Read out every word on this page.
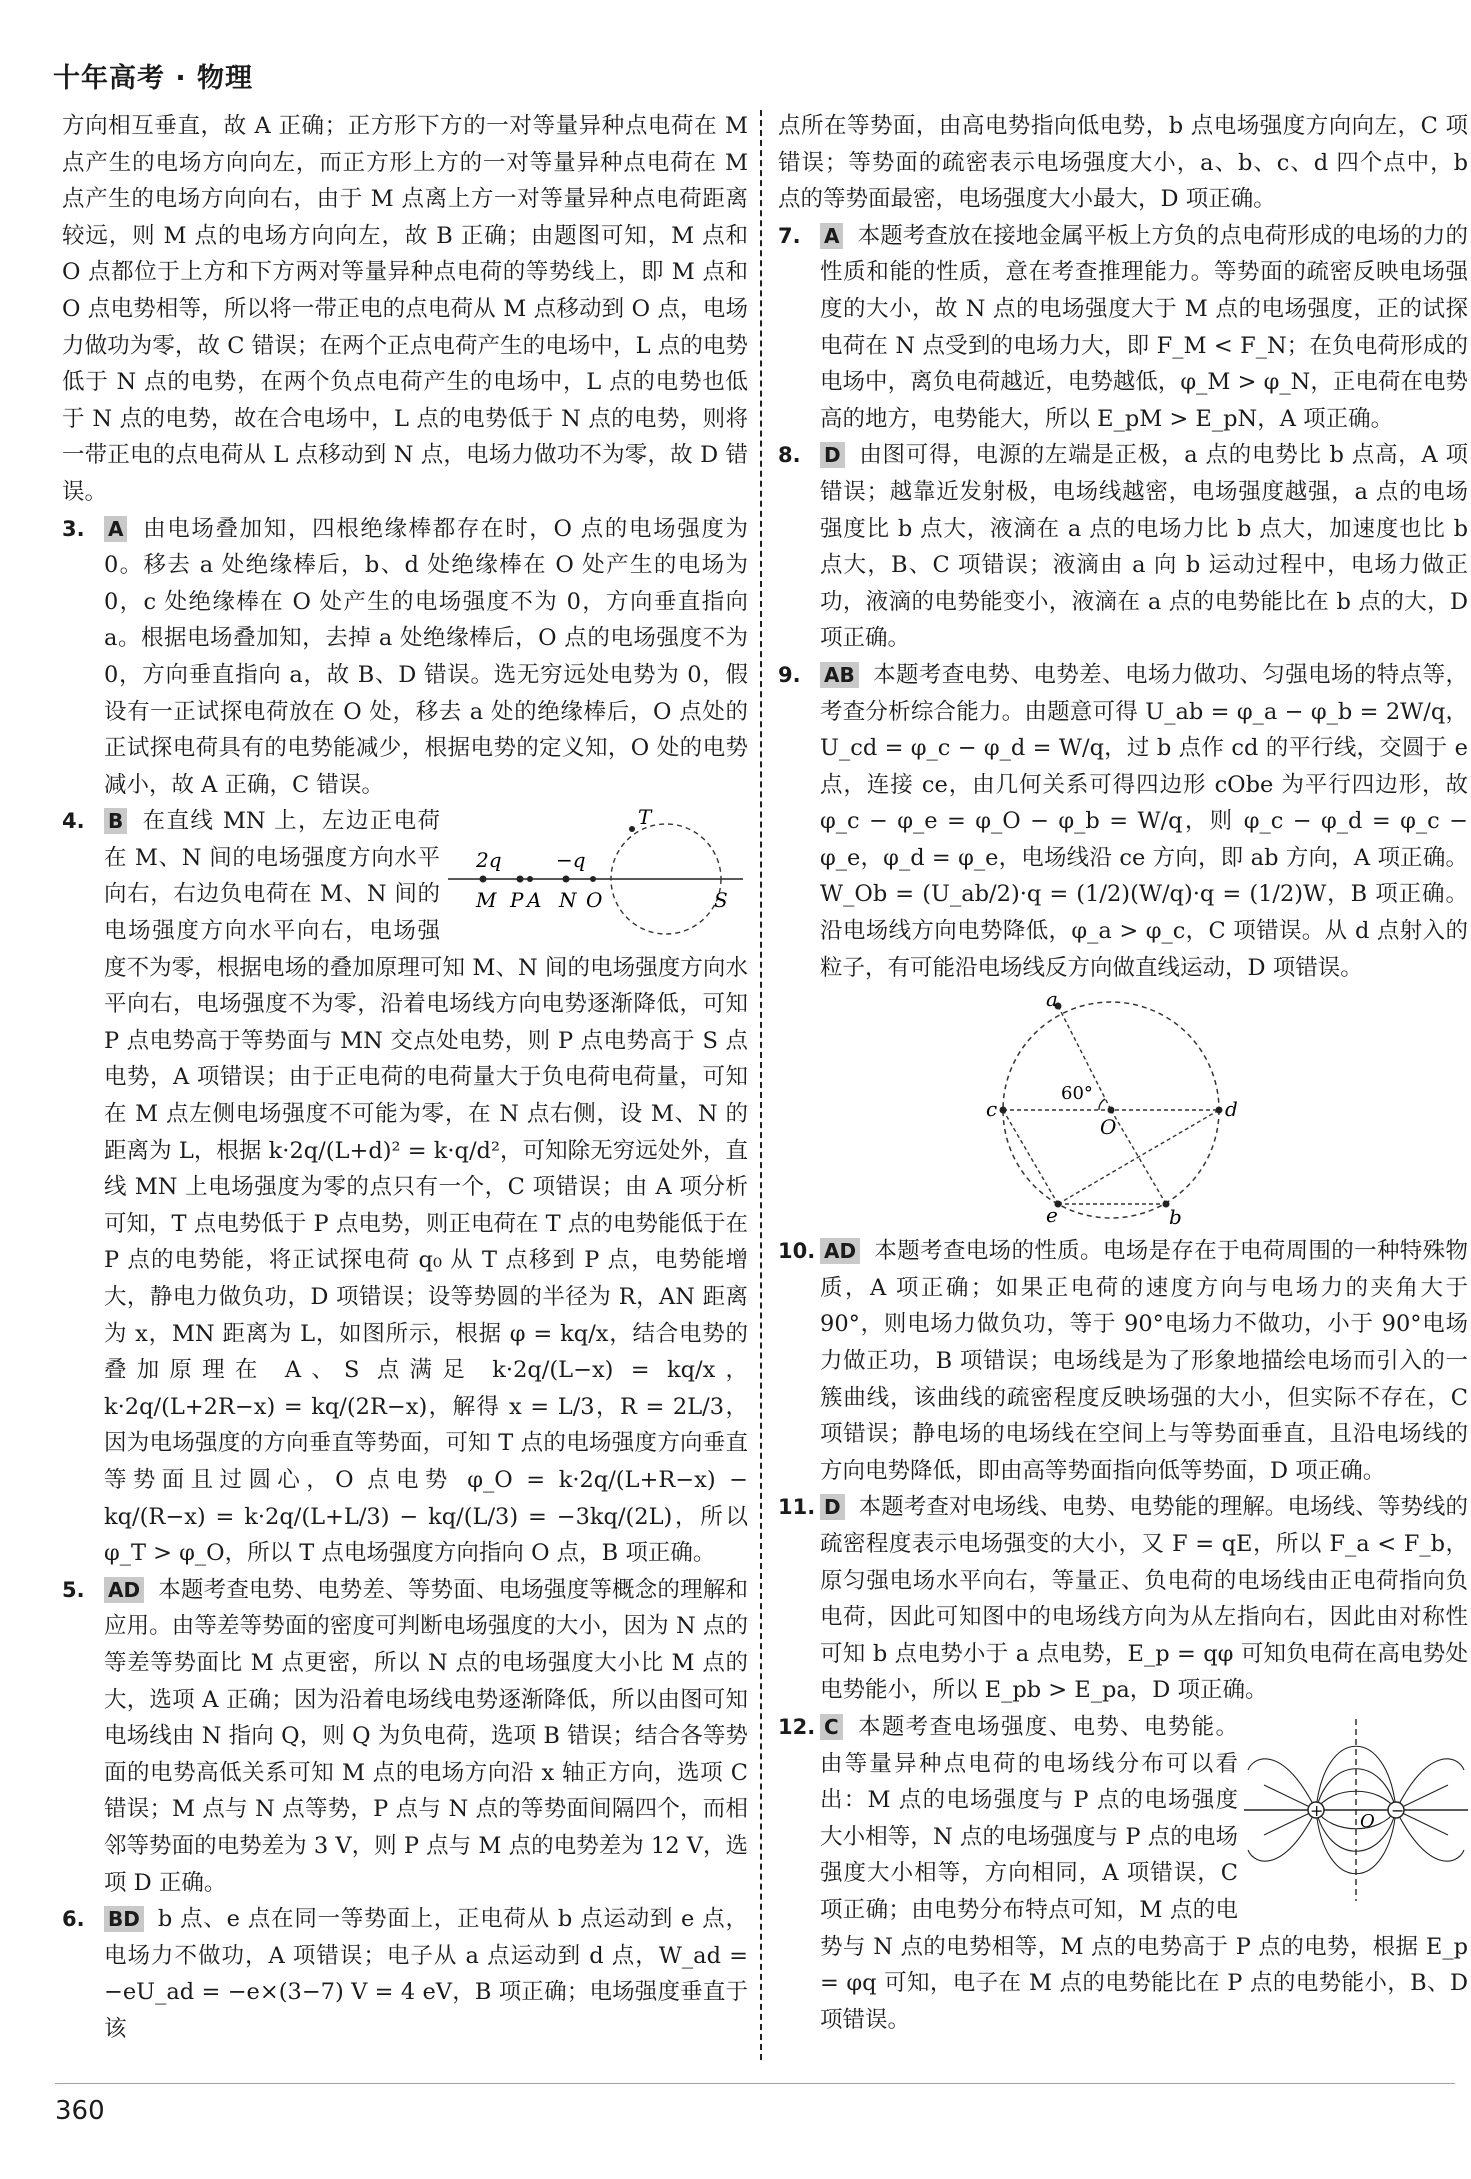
十年高考 · 物理

方向相互垂直，故 A 正确；正方形下方的一对等量异种点电荷在 M 点产生的电场方向向左，而正方形上方的一对等量异种点电荷在 M 点产生的电场方向向右，由于 M 点离上方一对等量异种点电荷距离较远，则 M 点的电场方向向左，故 B 正确；由题图可知，M 点和 O 点都位于上方和下方两对等量异种点电荷的等势线上，即 M 点和 O 点电势相等，所以将一带正电的点电荷从 M 点移动到 O 点，电场力做功为零，故 C 错误；在两个正点电荷产生的电场中，L 点的电势低于 N 点的电势，在两个负点电荷产生的电场中，L 点的电势也低于 N 点的电势，故在合电场中，L 点的电势低于 N 点的电势，则将一带正电的点电荷从 L 点移动到 N 点，电场力做功不为零，故 D 错误。

3. A 由电场叠加知，四根绝缘棒都存在时，O 点的电场强度为 0。移去 a 处绝缘棒后，b、d 处绝缘棒在 O 处产生的电场为 0，c 处绝缘棒在 O 处产生的电场强度不为 0，方向垂直指向 a。根据电场叠加知，去掉 a 处绝缘棒后，O 点的电场强度不为 0，方向垂直指向 a，故 B、D 错误。选无穷远处电势为 0，假设有一正试探电荷放在 O 处，移去 a 处的绝缘棒后，O 点处的正试探电荷具有的电势能减少，根据电势的定义知，O 处的电势减小，故 A 正确，C 错误。
4.
2q	−q
T
M P A N O	S
B 在直线 MN 上，左边正电荷在 M、N 间的电场强度方向水平向右，右边负电荷在 M、N 间的电场强度方向水平向右，电场强度不为零，根据电场的叠加原理可知 M、N 间的电场强度方向水平向右，电场强度不为零，沿着电场线方向电势逐渐降低，可知 P 点电势高于等势面与 MN 交点处电势，则 P 点电势高于 S 点电势，A 项错误；由于正电荷的电荷量大于负电荷电荷量，可知在 M 点左侧电场强度不可能为零，在 N 点右侧，设 M、N 的距离为 L，根据 k·2q/(L+d)² = k·q/d²，可知除无穷远处外，直线 MN 上电场强度为零的点只有一个，C 项错误；由 A 项分析可知，T 点电势低于 P 点电势，则正电荷在 T 点的电势能低于在 P 点的电势能，将正试探电荷 q₀ 从 T 点移到 P 点，电势能增大，静电力做负功，D 项错误；设等势圆的半径为 R，AN 距离为 x，MN 距离为 L，如图所示，根据 φ = kq/x，结合电势的叠加原理在 A、S 点满足 k·2q/(L−x) = kq/x，k·2q/(L+2R−x) = kq/(2R−x)，解得 x = L/3，R = 2L/3，因为电场强度的方向垂直等势面，可知 T 点的电场强度方向垂直等势面且过圆心，O 点电势 φ_O = k·2q/(L+R−x) − kq/(R−x) = k·2q/(L+L/3) − kq/(L/3) = −3kq/(2L)，所以 φ_T > φ_O，所以 T 点电场强度方向指向 O 点，B 项正确。
5. AD 本题考查电势、电势差、等势面、电场强度等概念的理解和应用。由等差等势面的密度可判断电场强度的大小，因为 N 点的等差等势面比 M 点更密，所以 N 点的电场强度大小比 M 点的大，选项 A 正确；因为沿着电场线电势逐渐降低，所以由图可知电场线由 N 指向 Q，则 Q 为负电荷，选项 B 错误；结合各等势面的电势高低关系可知 M 点的电场方向沿 x 轴正方向，选项 C 错误；M 点与 N 点等势，P 点与 N 点的等势面间隔四个，而相邻等势面的电势差为 3 V，则 P 点与 M 点的电势差为 12 V，选项 D 正确。
6. BD b 点、e 点在同一等势面上，正电荷从 b 点运动到 e 点，电场力不做功，A 项错误；电子从 a 点运动到 d 点，W_ad = −eU_ad = −e×(3−7) V = 4 eV，B 项正确；电场强度垂直于该

点所在等势面，由高电势指向低电势，b 点电场强度方向向左，C 项错误；等势面的疏密表示电场强度大小，a、b、c、d 四个点中，b 点的等势面最密，电场强度大小最大，D 项正确。

7. A 本题考查放在接地金属平板上方负的点电荷形成的电场的力的性质和能的性质，意在考查推理能力。等势面的疏密反映电场强度的大小，故 N 点的电场强度大于 M 点的电场强度，正的试探电荷在 N 点受到的电场力大，即 F_M < F_N；在负电荷形成的电场中，离负电荷越近，电势越低，φ_M > φ_N，正电荷在电势高的地方，电势能大，所以 E_pM > E_pN，A 项正确。
8. D 由图可得，电源的左端是正极，a 点的电势比 b 点高，A 项错误；越靠近发射极，电场线越密，电场强度越强，a 点的电场强度比 b 点大，液滴在 a 点的电场力比 b 点大，加速度也比 b 点大，B、C 项错误；液滴由 a 向 b 运动过程中，电场力做正功，液滴的电势能变小，液滴在 a 点的电势能比在 b 点的大，D 项正确。
9. AB 本题考查电势、电势差、电场力做功、匀强电场的特点等，考查分析综合能力。由题意可得 U_ab = φ_a − φ_b = 2W/q，U_cd = φ_c − φ_d = W/q，过 b 点作 cd 的平行线，交圆于 e 点，连接 ce，由几何关系可得四边形 cObe 为平行四边形，故 φ_c − φ_e = φ_O − φ_b = W/q，则 φ_c − φ_d = φ_c − φ_e，φ_d = φ_e，电场线沿 ce 方向，即 ab 方向，A 项正确。W_Ob = (U_ab/2)·q = (1/2)(W/q)·q = (1/2)W，B 项正确。沿电场线方向电势降低，φ_a > φ_c，C 项错误。从 d 点射入的粒子，有可能沿电场线反方向做直线运动，D 项错误。
a
b
c	d
e
O
60°
10. AD 本题考查电场的性质。电场是存在于电荷周围的一种特殊物质，A 项正确；如果正电荷的速度方向与电场力的夹角大于 90°，则电场力做负功，等于 90°电场力不做功，小于 90°电场力做正功，B 项错误；电场线是为了形象地描绘电场而引入的一簇曲线，该曲线的疏密程度反映场强的大小，但实际不存在，C 项错误；静电场的电场线在空间上与等势面垂直，且沿电场线的方向电势降低，即由高等势面指向低等势面，D 项正确。
11. D 本题考查对电场线、电势、电势能的理解。电场线、等势线的疏密程度表示电场强变的大小，又 F = qE，所以 F_a < F_b，原匀强电场水平向右，等量正、负电荷的电场线由正电荷指向负电荷，因此可知图中的电场线方向为从左指向右，因此由对称性可知 b 点电势小于 a 点电势，E_p = qφ 可知负电荷在高电势处电势能小，所以 E_pb > E_pa，D 项正确。
12.
+	−
O
C 本题考查电场强度、电势、电势能。由等量异种点电荷的电场线分布可以看出：M 点的电场强度与 P 点的电场强度大小相等，N 点的电场强度与 P 点的电场强度大小相等，方向相同，A 项错误，C 项正确；由电势分布特点可知，M 点的电势与 N 点的电势相等，M 点的电势高于 P 点的电势，根据 E_p = φq 可知，电子在 M 点的电势能比在 P 点的电势能小，B、D 项错误。
360
